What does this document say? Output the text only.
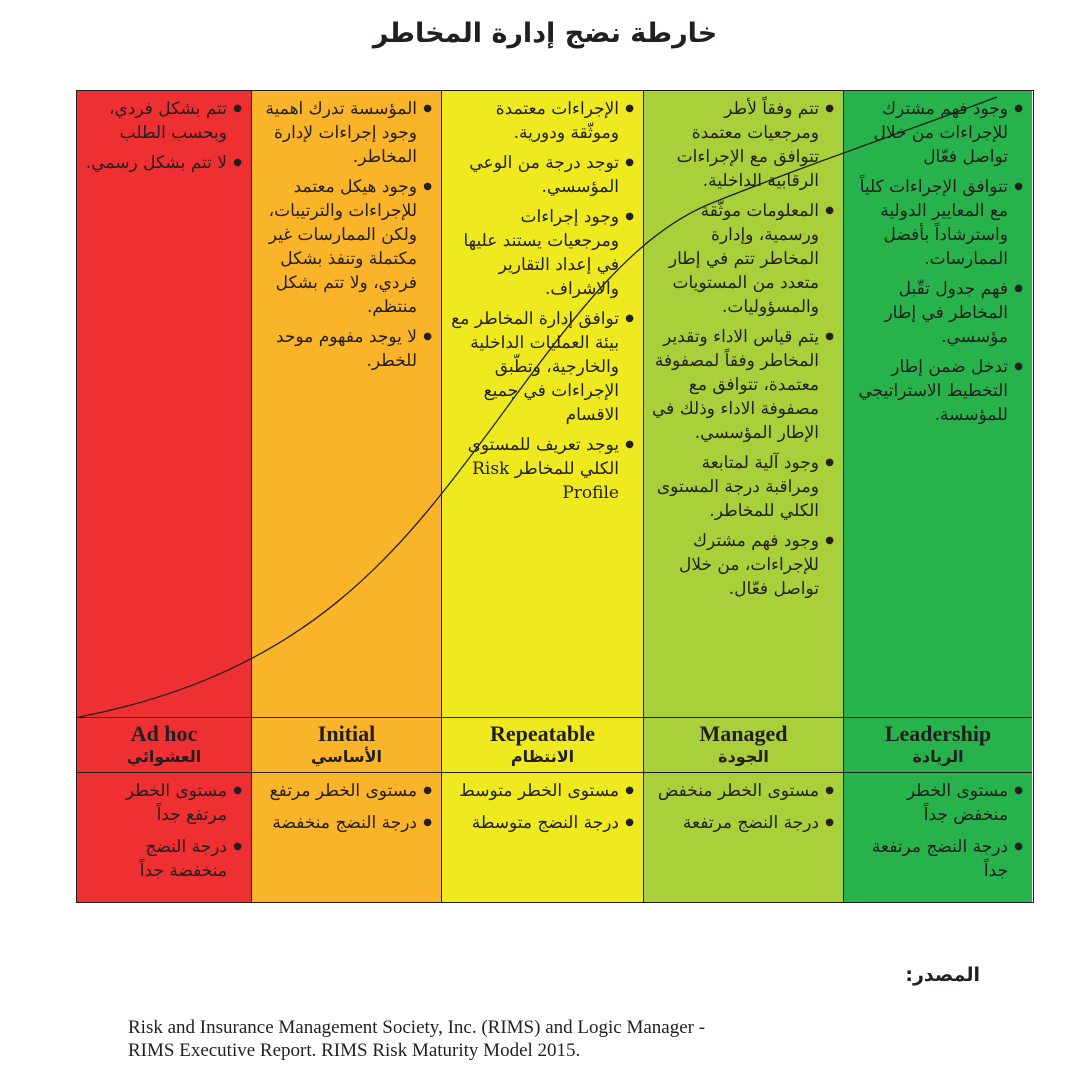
خارطة نضج إدارة المخاطر
● تتم بشكل فردي، وبحسب الطلب
● لا تتم بشكل رسمي.
Ad hoc
العشوائي
● مستوى الخطر مرتفع جداً
● درجة النضج منخفضة جداً
● المؤسسة تدرك اهمية وجود إجراءات لإدارة المخاطر.
● وجود هيكل معتمد للإجراءات والترتيبات، ولكن الممارسات غير مكتملة وتنفذ بشكل فردي، ولا تتم بشكل منتظم.
● لا يوجد مفهوم موحد للخطر.
Initial
الأساسي
● مستوى الخطر مرتفع
● درجة النضج منخفضة
● الإجراءات معتمدة وموثّقة ودورية.
● توجد درجة من الوعي المؤسسي.
● وجود إجراءات ومرجعيات يستند عليها في إعداد التقارير والاشراف.
● توافق إدارة المخاطر مع بيئة العمليات الداخلية والخارجية، وتطّبق الإجراءات في جميع الاقسام
● يوجد تعريف للمستوى الكلي للمخاطر Risk Profile
Repeatable
الانتظام
● مستوى الخطر متوسط
● درجة النضج متوسطة
● تتم وفقاً لأطر ومرجعيات معتمدة تتوافق مع الإجراءات الرقابية الداخلية.
● المعلومات موثّقة ورسمية، وإدارة المخاطر تتم في إطار متعدد من المستويات والمسؤوليات.
● يتم قياس الاداء وتقدير المخاطر وفقاً لمصفوفة معتمدة، تتوافق مع مصفوفة الاداء وذلك في الإطار المؤسسي.
● وجود آلية لمتابعة ومراقبة درجة المستوى الكلي للمخاطر.
● وجود فهم مشترك للإجراءات، من خلال تواصل فعّال.
Managed
الجودة
● مستوى الخطر منخفض
● درجة النضج مرتفعة
● وجود فهم مشترك للإجراءات من خلال تواصل فعّال
● تتوافق الإجراءات كلياً مع المعايير الدولية واسترشاداً بأفضل الممارسات.
● فهم جدول تقّبل المخاطر في إطار مؤسسي.
● تدخل ضمن إطار التخطيط الاستراتيجي للمؤسسة.
Leadership
الريادة
● مستوى الخطر منخفض جداً
● درجة النضج مرتفعة جداً
المصدر:
Risk and Insurance Management Society, Inc. (RIMS) and Logic Manager -
RIMS Executive Report. RIMS Risk Maturity Model 2015.
